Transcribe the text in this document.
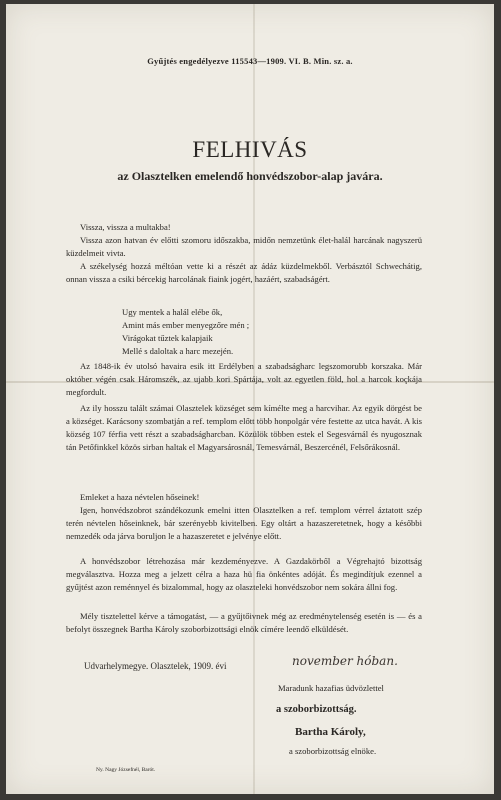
Gyűjtés engedélyezve 115543—1909. VI. B. Min. sz. a.
FELHIVÁS
az Olasztelken emelendő honvédszobor-alap javára.
Vissza, vissza a multakba!
Vissza azon hatvan év előtti szomoru időszakba, midőn nemzetünk élet-halál harcának nagyszerü küzdelmeit vivta.
A székelység hozzá méltóan vette ki a részét az ádáz küzdelmekből. Verbásztól Schwechátig, onnan vissza a csiki bércekig harcolának fiaink jogért, hazáért, szabadságért.
Ugy mentek a halál elébe ők,
Amint más ember menyegzőre mén ;
Virágokat tűztek kalapjaik
Mellé s daloltak a harc mezején.
Az 1848-ik év utolsó havaira esik itt Erdélyben a szabadságharc legszomorubb korszaka. Már október végén csak Háromszék, az ujabb kori Spártája, volt az egyetlen föld, hol a harcok koçkája megfordult.
Az ily hosszu talált számai Olasztelek községet sem kímélte meg a harcvihar. Az egyik dörgést be a községet. Karácsony szombatján a ref. templom előtt több honpolgár vére festette az utca havát. A kis község 107 férfia vett részt a szabadságharcban. Közülök többen estek el Segesvárnál és nyugosznak tán Petőfinkkel közös sirban haltak el Magyarsárosnál, Temesvárnál, Beszercénél, Felsőrákosnál.
Emleket a haza névtelen hőseinek!
Igen, honvédszobrot szándékozunk emelni itten Olasztelken a ref. templom vérrel áztatott szép terén névtelen hőseinknek, bár szerényebb kivitelben. Egy oltárt a hazaszeretetnek, hogy a későbbi nemzedék oda járva boruljon le a hazaszeretet e jelvénye előtt.
A honvédszobor létrehozása már kezdeményezve. A Gazdakörből a Végrehajtó bizottság megválasztva. Hozza meg a jelzett célra a haza hü fia önkéntes adóját. És megindítjuk ezennel a gyűjtést azon reménnyel és bizalommal, hogy az olaszteleki honvédszobor nem sokára állni fog.
Mély tisztelettel kérve a támogatást, — a gyűjtőivnek még az eredménytelenség esetén is — és a befolyt összegnek Bartha Károly szoborbizottsági elnök címére leendő elküldését.
Udvarhelymegye. Olasztelek, 1909. évi	november hóban.
Maradunk hazafias üdvözlettel
a szoborbizottság.
Bartha Károly,
a szoborbizottság elnöke.
Ny. Nagy Józsefnél, Barót.
